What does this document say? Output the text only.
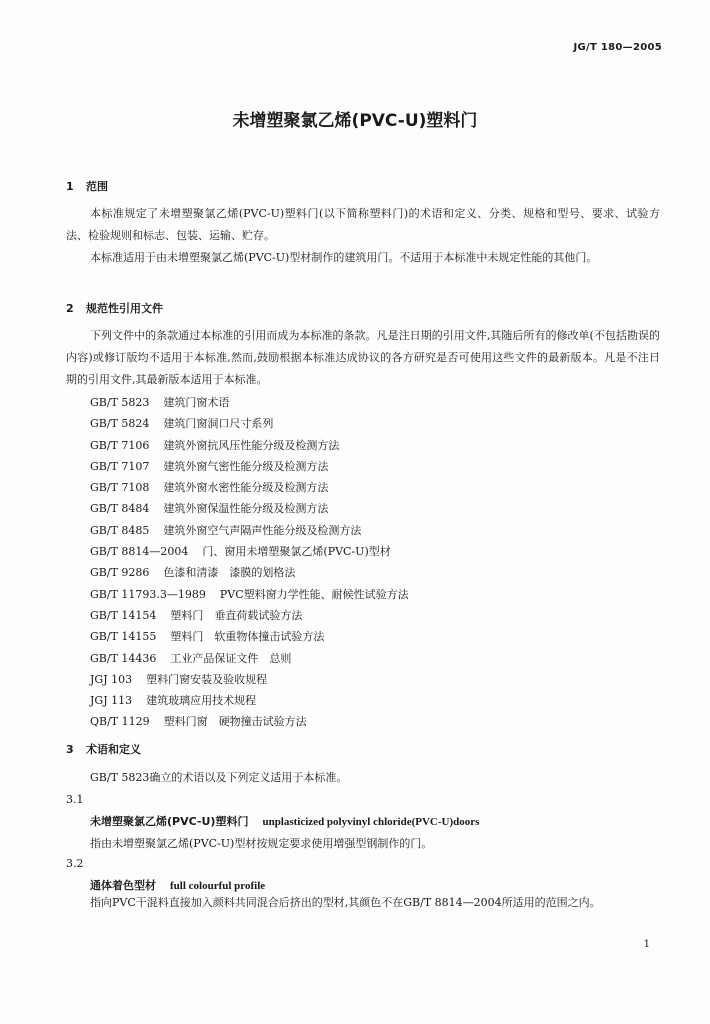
JG/T 180—2005
未增塑聚氯乙烯(PVC-U)塑料门
1 范围
本标准规定了未增塑聚氯乙烯(PVC-U)塑料门(以下简称塑料门)的术语和定义、分类、规格和型号、要求、试验方法、检验规则和标志、包装、运输、贮存。
本标准适用于由未增塑聚氯乙烯(PVC-U)型材制作的建筑用门。不适用于本标准中未规定性能的其他门。
2 规范性引用文件
下列文件中的条款通过本标准的引用而成为本标准的条款。凡是注日期的引用文件,其随后所有的修改单(不包括勘误的内容)或修订版均不适用于本标准,然而,鼓励根据本标准达成协议的各方研究是否可使用这些文件的最新版本。凡是不注日期的引用文件,其最新版本适用于本标准。
GB/T 5823 建筑门窗术语
GB/T 5824 建筑门窗洞口尺寸系列
GB/T 7106 建筑外窗抗风压性能分级及检测方法
GB/T 7107 建筑外窗气密性能分级及检测方法
GB/T 7108 建筑外窗水密性能分级及检测方法
GB/T 8484 建筑外窗保温性能分级及检测方法
GB/T 8485 建筑外窗空气声隔声性能分级及检测方法
GB/T 8814—2004 门、窗用未增塑聚氯乙烯(PVC-U)型材
GB/T 9286 色漆和清漆　漆膜的划格法
GB/T 11793.3—1989 PVC塑料窗力学性能、耐候性试验方法
GB/T 14154 塑料门　垂直荷载试验方法
GB/T 14155 塑料门　软重物体撞击试验方法
GB/T 14436 工业产品保证文件　总则
JGJ 103 塑料门窗安装及验收规程
JGJ 113 建筑玻璃应用技术规程
QB/T 1129 塑料门窗　硬物撞击试验方法
3 术语和定义
GB/T 5823确立的术语以及下列定义适用于本标准。
3.1
未增塑聚氯乙烯(PVC-U)塑料门 unplasticized polyvinyl chloride(PVC-U)doors
指由未增塑聚氯乙烯(PVC-U)型材按规定要求使用增强型钢制作的门。
3.2
通体着色型材 full colourful profile
指向PVC干混料直接加入颜料共同混合后挤出的型材,其颜色不在GB/T 8814—2004所适用的范围之内。
1
